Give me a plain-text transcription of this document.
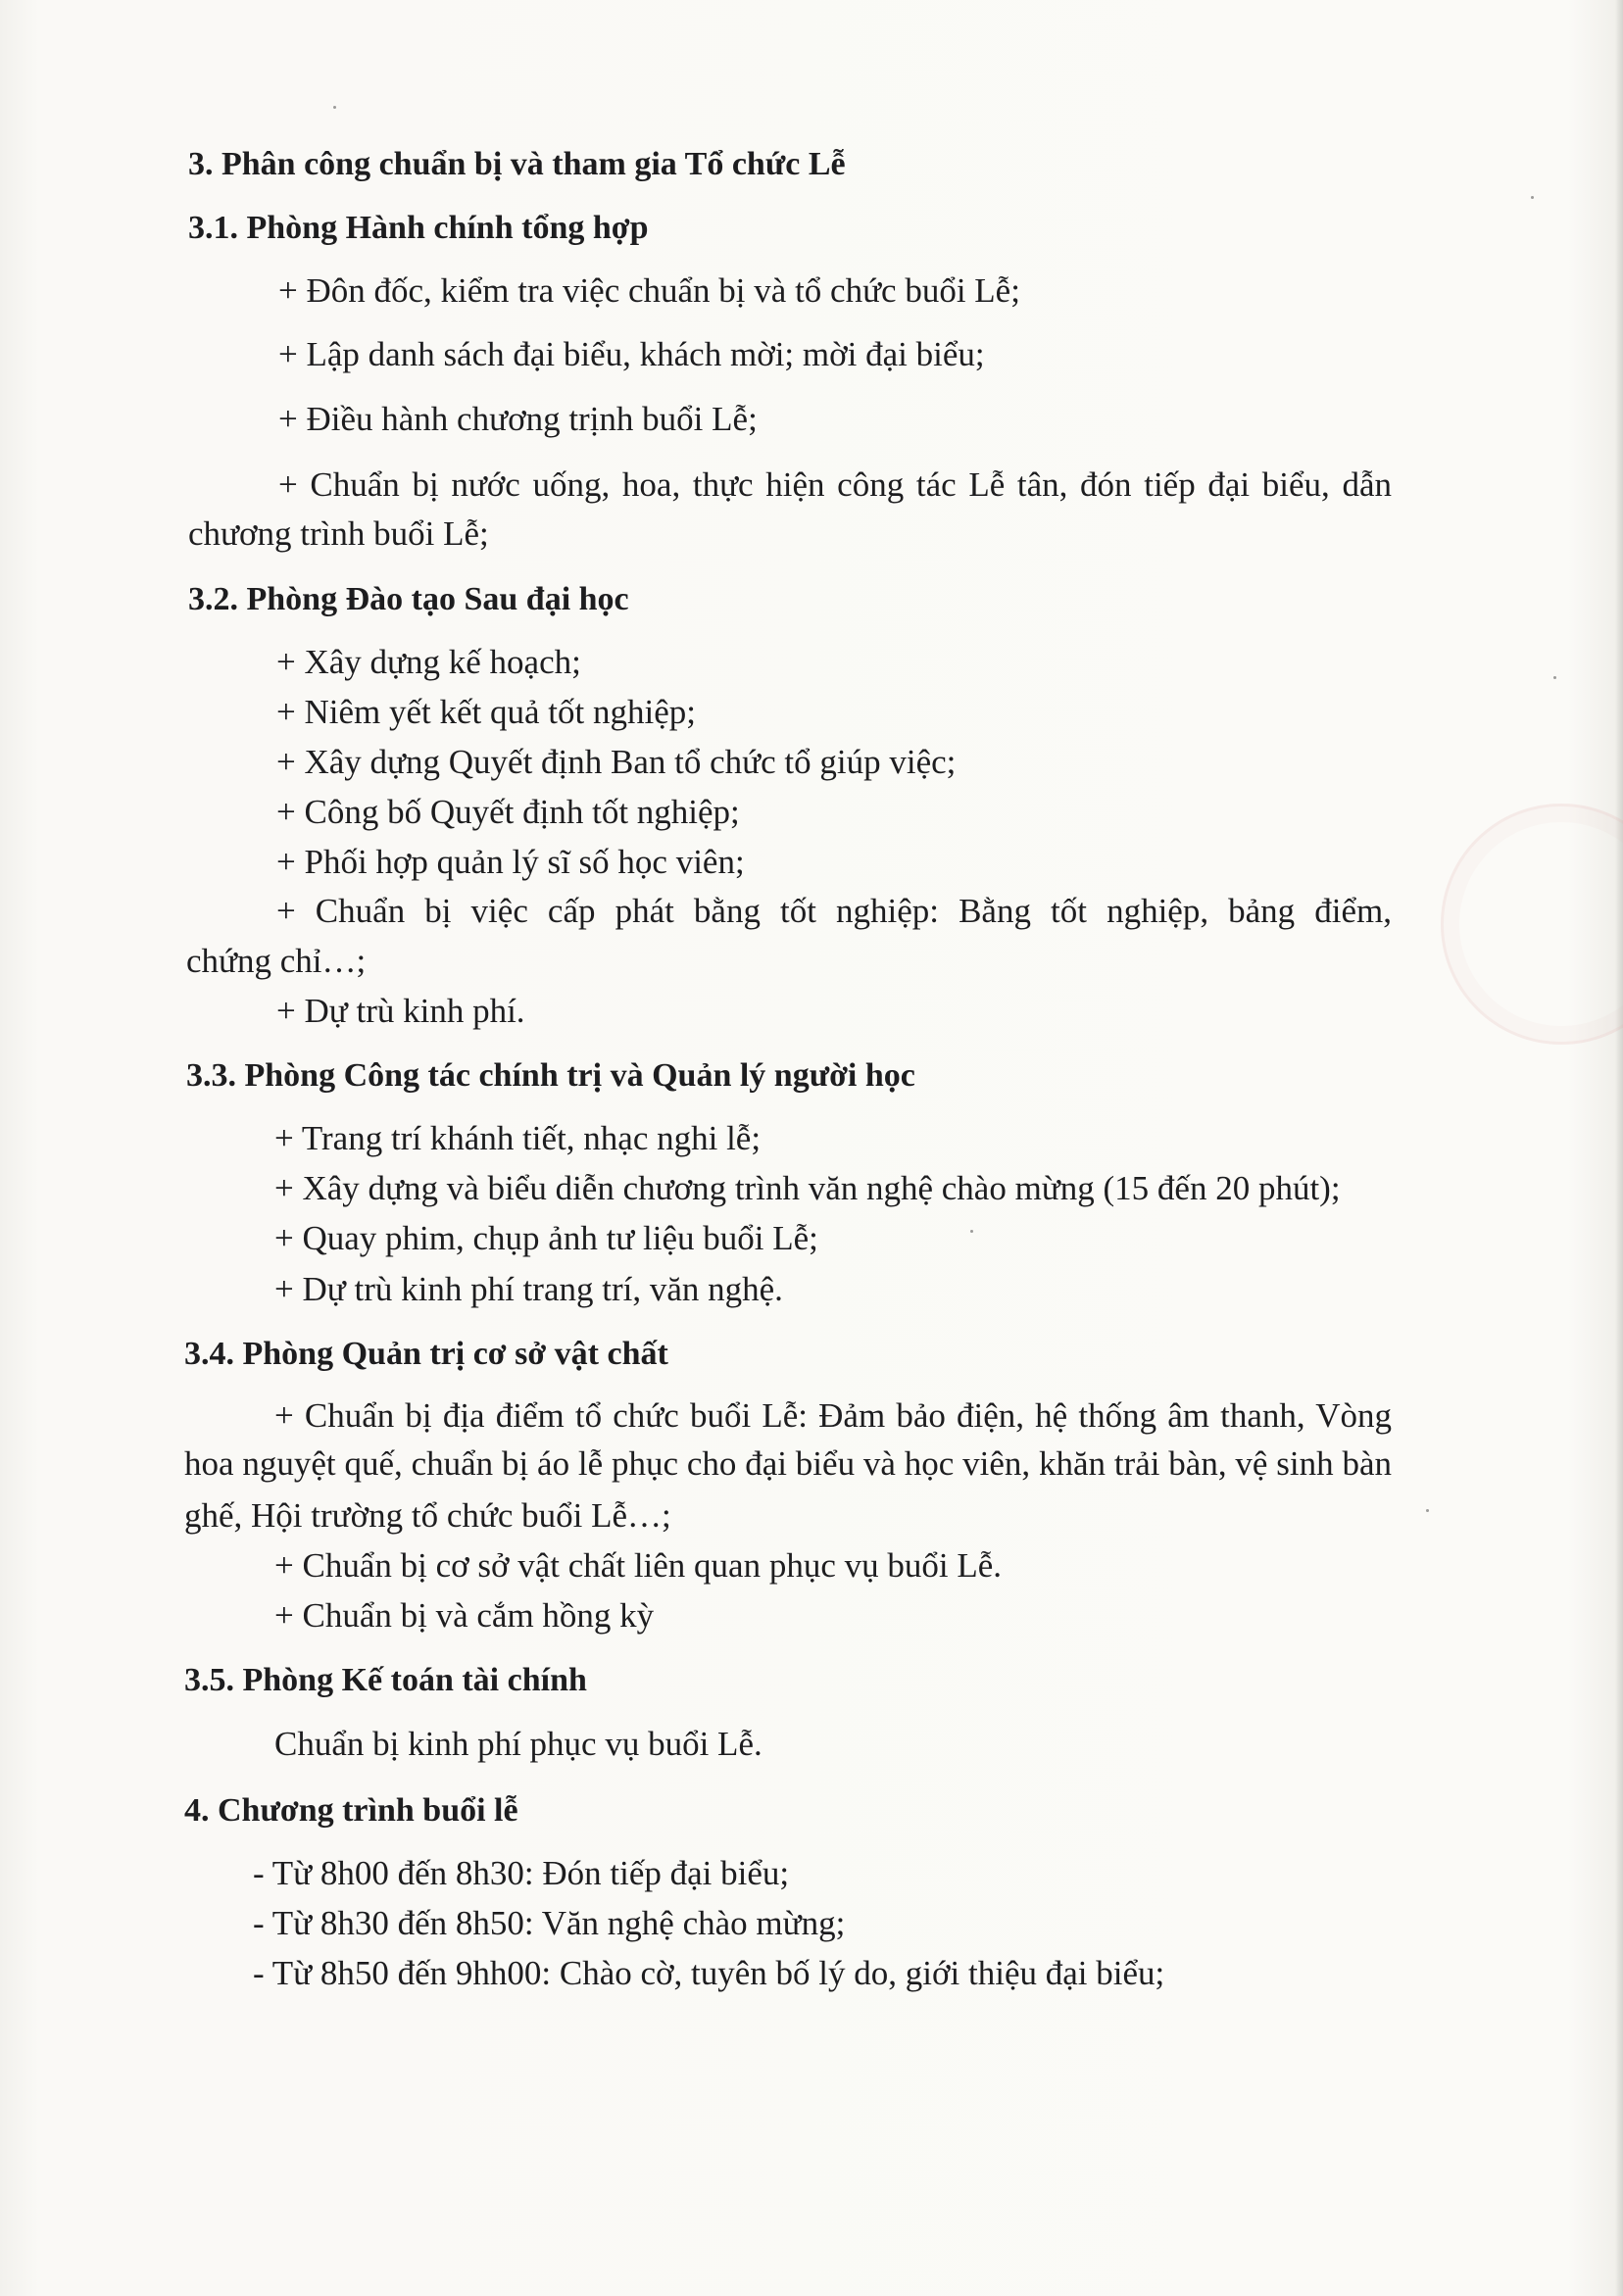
3. Phân công chuẩn bị và tham gia Tổ chức Lễ
3.1. Phòng Hành chính tổng hợp
+ Đôn đốc, kiểm tra việc chuẩn bị và tổ chức buổi Lễ;
+ Lập danh sách đại biểu, khách mời; mời đại biểu;
+ Điều hành chương trịnh buổi Lễ;
+ Chuẩn bị nước uống, hoa, thực hiện công tác Lễ tân, đón tiếp đại biểu, dẫn
chương trình buổi Lễ;
3.2. Phòng Đào tạo Sau đại học
+ Xây dựng kế hoạch;
+ Niêm yết kết quả tốt nghiệp;
+ Xây dựng Quyết định Ban tổ chức tổ giúp việc;
+ Công bố Quyết định tốt nghiệp;
+ Phối hợp quản lý sĩ số học viên;
+ Chuẩn bị việc cấp phát bằng tốt nghiệp: Bằng tốt nghiệp, bảng điểm,
chứng chỉ…;
+ Dự trù kinh phí.
3.3. Phòng Công tác chính trị và Quản lý người học
+ Trang trí khánh tiết, nhạc nghi lễ;
+ Xây dựng và biểu diễn chương trình văn nghệ chào mừng (15 đến 20 phút);
+ Quay phim, chụp ảnh tư liệu buổi Lễ;
+ Dự trù kinh phí trang trí, văn nghệ.
3.4. Phòng Quản trị cơ sở vật chất
+ Chuẩn bị địa điểm tổ chức buổi Lễ: Đảm bảo điện, hệ thống âm thanh, Vòng
hoa nguyệt quế, chuẩn bị áo lễ phục cho đại biểu và học viên, khăn trải bàn, vệ sinh bàn
ghế, Hội trường tổ chức buổi Lễ…;
+ Chuẩn bị cơ sở vật chất liên quan phục vụ buổi Lễ.
+ Chuẩn bị và cắm hồng kỳ
3.5. Phòng Kế toán tài chính
Chuẩn bị kinh phí phục vụ buổi Lễ.
4. Chương trình buổi lễ
- Từ 8h00 đến 8h30: Đón tiếp đại biểu;
- Từ 8h30 đến 8h50: Văn nghệ chào mừng;
- Từ 8h50 đến 9hh00: Chào cờ, tuyên bố lý do, giới thiệu đại biểu;
